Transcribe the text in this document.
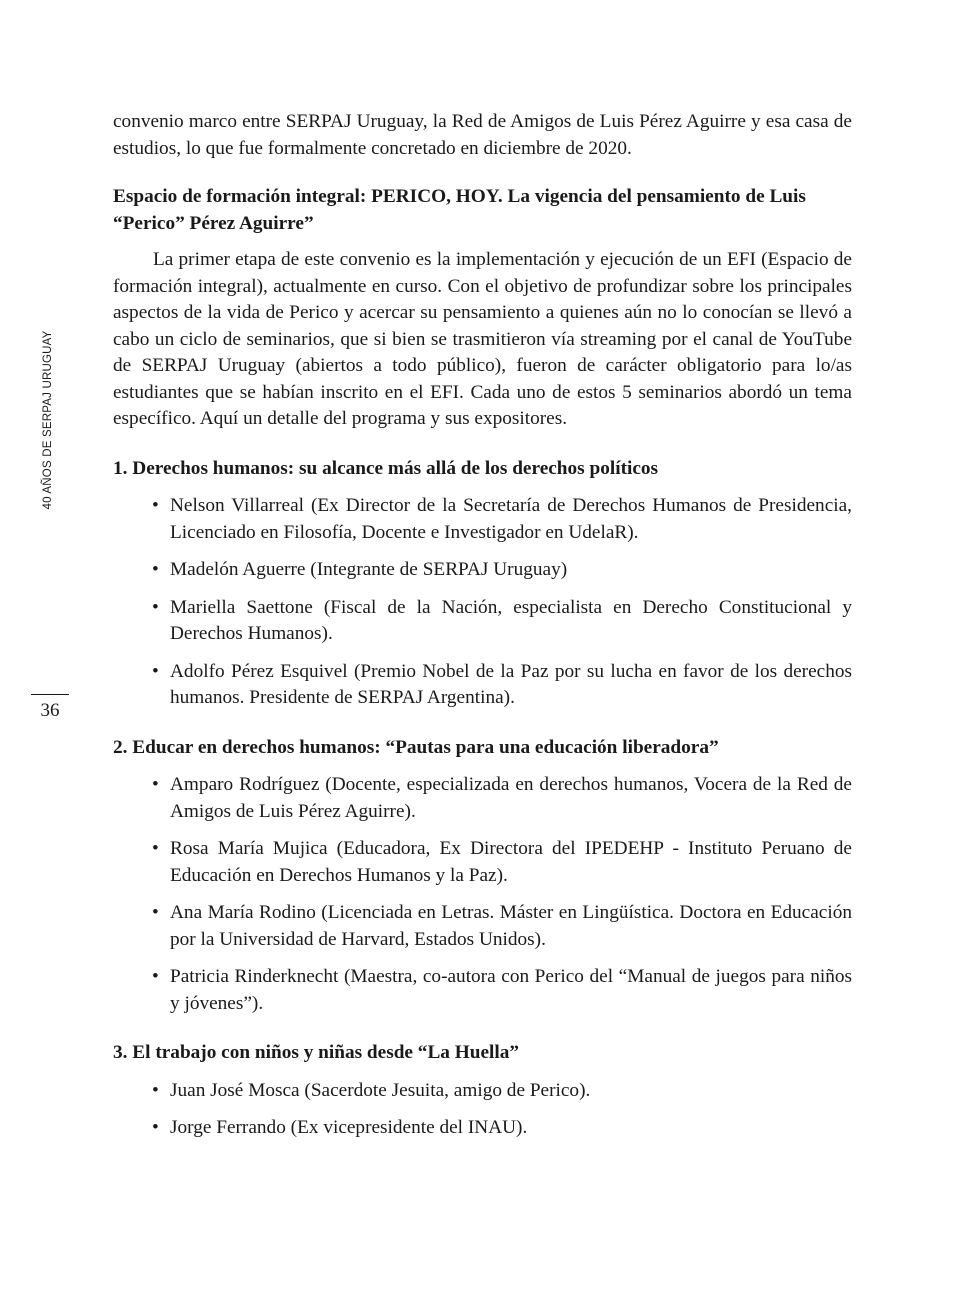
40 AÑOS DE SERPAJ URUGUAY
36

convenio marco entre SERPAJ Uruguay, la Red de Amigos de Luis Pérez Aguirre y esa casa de estudios, lo que fue formalmente concretado en diciembre de 2020.

Espacio de formación integral: PERICO, HOY. La vigencia del pensamiento de Luis “Perico” Pérez Aguirre”

La primer etapa de este convenio es la implementación y ejecución de un EFI (Espacio de formación integral), actualmente en curso. Con el objetivo de profundizar sobre los principales aspectos de la vida de Perico y acercar su pensamiento a quienes aún no lo conocían se llevó a cabo un ciclo de seminarios, que si bien se trasmitieron vía streaming por el canal de YouTube de SERPAJ Uruguay (abiertos a todo público), fueron de carácter obligatorio para lo/as estudiantes que se habían inscrito en el EFI. Cada uno de estos 5 seminarios abordó un tema específico. Aquí un detalle del programa y sus expositores.

1. Derechos humanos: su alcance más allá de los derechos políticos
• Nelson Villarreal (Ex Director de la Secretaría de Derechos Humanos de Presidencia, Licenciado en Filosofía, Docente e Investigador en UdelaR).
• Madelón Aguerre (Integrante de SERPAJ Uruguay)
• Mariella Saettone (Fiscal de la Nación, especialista en Derecho Constitucional y Derechos Humanos).
• Adolfo Pérez Esquivel (Premio Nobel de la Paz por su lucha en favor de los derechos humanos. Presidente de SERPAJ Argentina).
2. Educar en derechos humanos: “Pautas para una educación liberadora”
• Amparo Rodríguez (Docente, especializada en derechos humanos, Vocera de la Red de Amigos de Luis Pérez Aguirre).
• Rosa María Mujica (Educadora, Ex Directora del IPEDEHP - Instituto Peruano de Educación en Derechos Humanos y la Paz).
• Ana María Rodino (Licenciada en Letras. Máster en Lingüística. Doctora en Educación por la Universidad de Harvard, Estados Unidos).
• Patricia Rinderknecht (Maestra, co-autora con Perico del “Manual de juegos para niños y jóvenes”).
3. El trabajo con niños y niñas desde “La Huella”
• Juan José Mosca (Sacerdote Jesuita, amigo de Perico).
• Jorge Ferrando (Ex vicepresidente del INAU).
